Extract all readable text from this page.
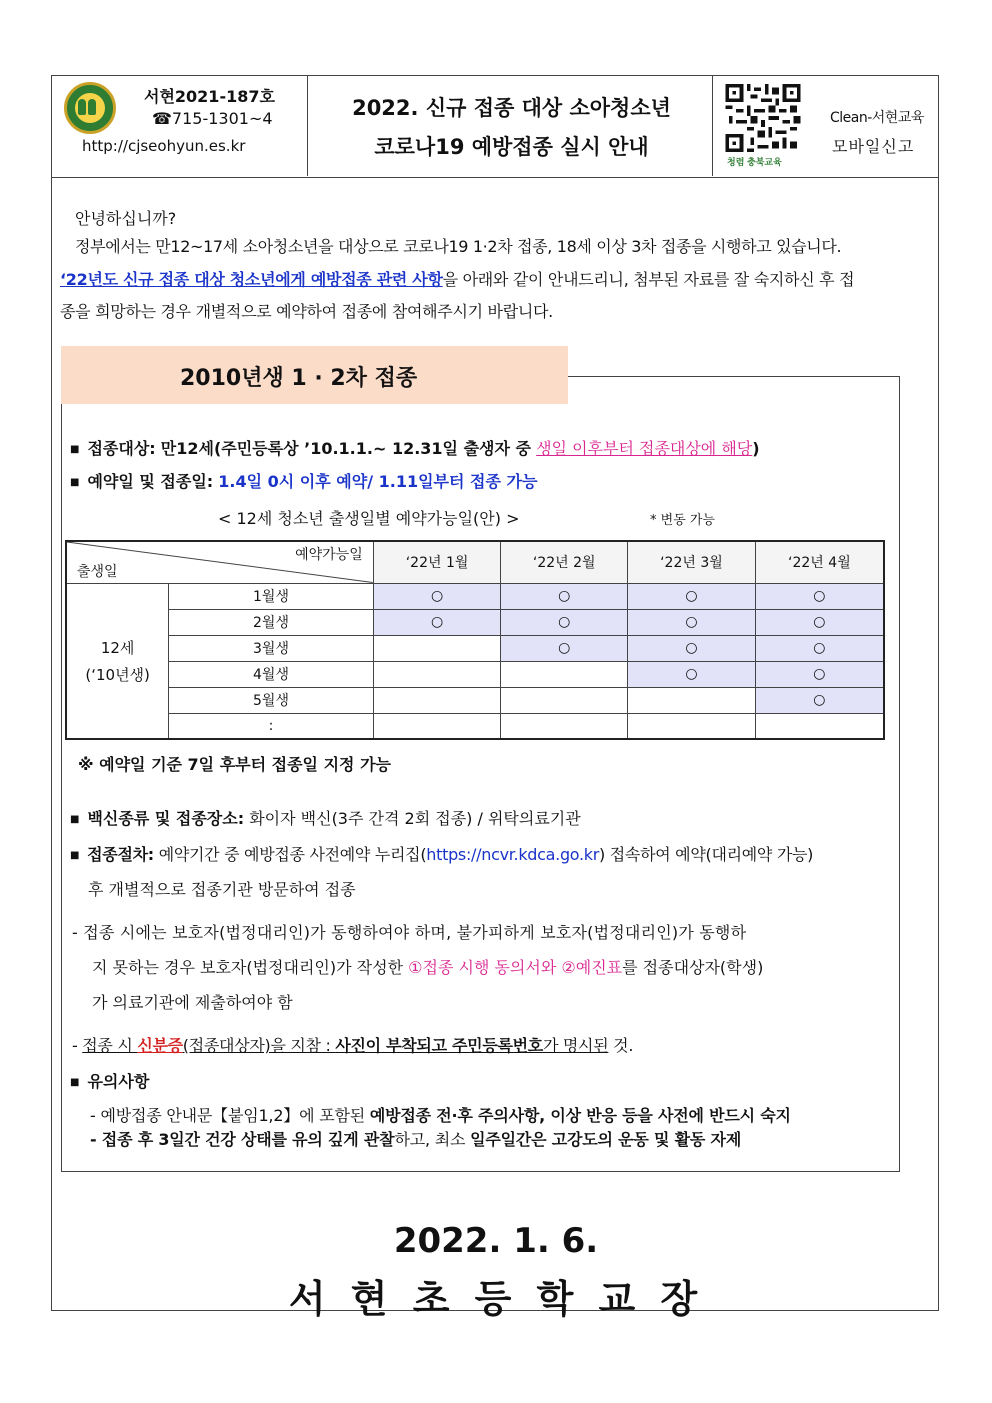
서현2021-187호
☎715-1301~4
http://cjseohyun.es.kr
2022. 신규 접종 대상 소아청소년
코로나19 예방접종 실시 안내
청렴 충북교육
Clean-서현교육
모바일신고
안녕하십니까?
정부에서는 만12~17세 소아청소년을 대상으로 코로나19 1·2차 접종, 18세 이상 3차 접종을 시행하고 있습니다.
‘22년도 신규 접종 대상 청소년에게 예방접종 관련 사항을 아래와 같이 안내드리니, 첨부된 자료를 잘 숙지하신 후 접
종을 희망하는 경우 개별적으로 예약하여 접종에 참여해주시기 바랍니다.
2010년생 1 · 2차 접종
■ 접종대상: 만12세(주민등록상 ’10.1.1.~ 12.31일 출생자 중 생일 이후부터 접종대상에 해당)
■ 예약일 및 접종일: 1.4일 0시 이후 예약/ 1.11일부터 접종 가능
< 12세 청소년 출생일별 예약가능일(안) >	* 변동 가능
예약가능일
출생일		‘22년 1월	‘22년 2월	‘22년 3월	‘22년 4월

12세
(‘10년생)	1월생	○	○	○	○
	2월생	○	○	○	○
	3월생		○	○	○
	4월생			○	○
	5월생				○
	:				
※ 예약일 기준 7일 후부터 접종일 지정 가능
■ 백신종류 및 접종장소: 화이자 백신(3주 간격 2회 접종) / 위탁의료기관
■ 접종절차: 예약기간 중 예방접종 사전예약 누리집(https://ncvr.kdca.go.kr) 접속하여 예약(대리예약 가능)
후 개별적으로 접종기관 방문하여 접종
- 접종 시에는 보호자(법정대리인)가 동행하여야 하며, 불가피하게 보호자(법정대리인)가 동행하
지 못하는 경우 보호자(법정대리인)가 작성한 ①접종 시행 동의서와 ②예진표를 접종대상자(학생)
가 의료기관에 제출하여야 함
- 접종 시 신분증(접종대상자)을 지참 : 사진이 부착되고 주민등록번호가 명시된 것.
■ 유의사항
- 예방접종 안내문【붙임1,2】에 포함된 예방접종 전·후 주의사항, 이상 반응 등을 사전에 반드시 숙지
- 접종 후 3일간 건강 상태를 유의 깊게 관찰하고, 최소 일주일간은 고강도의 운동 및 활동 자제
2022. 1. 6.
서 현 초 등 학 교 장
